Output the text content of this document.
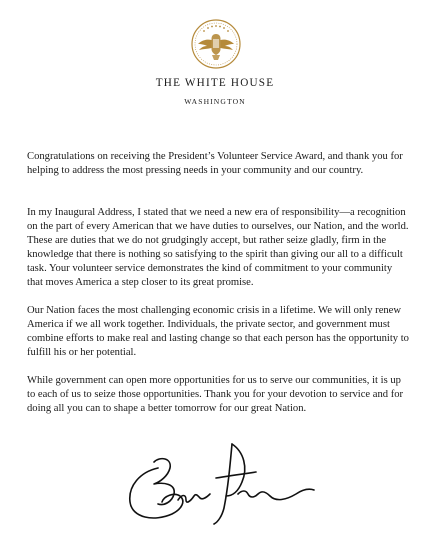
THE WHITE HOUSE
WASHINGTON

Congratulations on receiving the President’s Volunteer Service Award, and thank you for helping to address the most pressing needs in your community and our country.

In my Inaugural Address, I stated that we need a new era of responsibility—a recognition on the part of every American that we have duties to ourselves, our Nation, and the world. These are duties that we do not grudgingly accept, but rather seize gladly, firm in the knowledge that there is nothing so satisfying to the spirit than giving our all to a difficult task. Your volunteer service demonstrates the kind of commitment to your community that moves America a step closer to its great promise.

Our Nation faces the most challenging economic crisis in a lifetime. We will only renew America if we all work together. Individuals, the private sector, and government must combine efforts to make real and lasting change so that each person has the opportunity to fulfill his or her potential.

While government can open more opportunities for us to serve our communities, it is up to each of us to seize those opportunities. Thank you for your devotion to service and for doing all you can to shape a better tomorrow for our great Nation.
